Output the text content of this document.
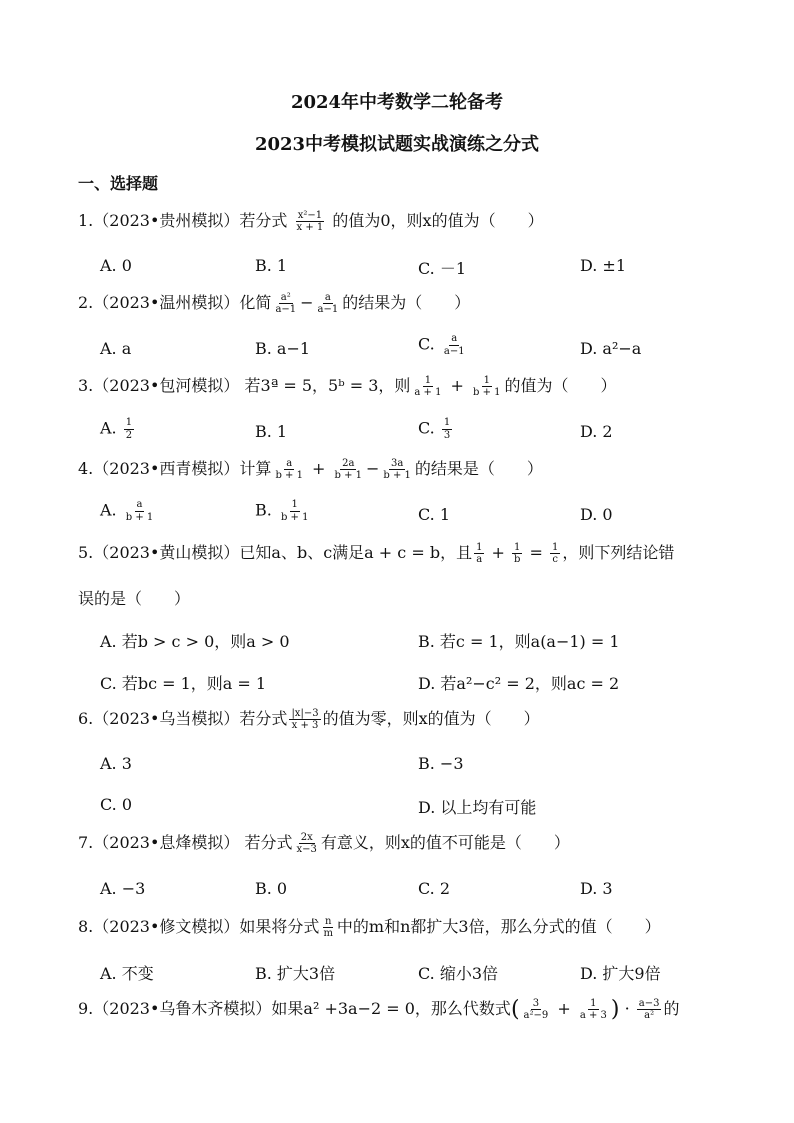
2024年中考数学二轮备考
2023中考模拟试题实战演练之分式
一、选择题
1.（2023•贵州模拟）若分式 $\frac{\text{x²−1}}{x + 1}$ 的值为0，则x的值为（　　）
A. 0	B. 1	C. －1	D. ±1
2.（2023•温州模拟）化简 $\frac{\text{a²}}{a-1} - \frac{a}{a-1}$ 的结果为（　　）
A. a	B. a−1	C. $\frac{a}{a-1}$	D. a²−a
3.（2023•包河模拟） 若3ª = 5，5ᵇ = 3，则 $\frac{1}{a + 1} + \frac{1}{b + 1}$ 的值为（　　）
A. $\frac{1}{2}$	B. 1	C. $\frac{1}{3}$	D. 2
4.（2023•西青模拟）计算 $\frac{a}{b + 1} + \frac{2a}{b + 1} - \frac{3a}{b + 1}$ 的结果是（　　）
A. $\frac{a}{b + 1}$	B. $\frac{1}{b + 1}$	C. 1	D. 0
5.（2023•黄山模拟）已知a、b、c满足a + c = b，且 $\frac{1}{a} + \frac{1}{b} = \frac{1}{c}$ ，则下列结论错
误的是（　　）
A. 若b > c > 0，则a > 0	B. 若c = 1，则a(a−1) = 1
C. 若bc = 1，则a = 1	D. 若a²−c² = 2，则ac = 2
6.（2023•乌当模拟）若分式 $\frac{|x|-3}{x + 3}$ 的值为零，则x的值为（　　）
A. 3	B. −3
C. 0	D. 以上均有可能
7.（2023•息烽模拟） 若分式 $\frac{2x}{x-3}$ 有意义，则x的值不可能是（　　）
A. −3	B. 0	C. 2	D. 3
8.（2023•修文模拟）如果将分式 $\frac{n}{m}$ 中的m和n都扩大3倍，那么分式的值（　　）
A. 不变	B. 扩大3倍	C. 缩小3倍	D. 扩大9倍
9.（2023•乌鲁木齐模拟）如果a² +3a−2 = 0，那么代数式( $\frac{3}{\text{a²−9}} + \frac{1}{a + 3}$ ) · $\frac{a-3}{\text{a²}}$ 的
